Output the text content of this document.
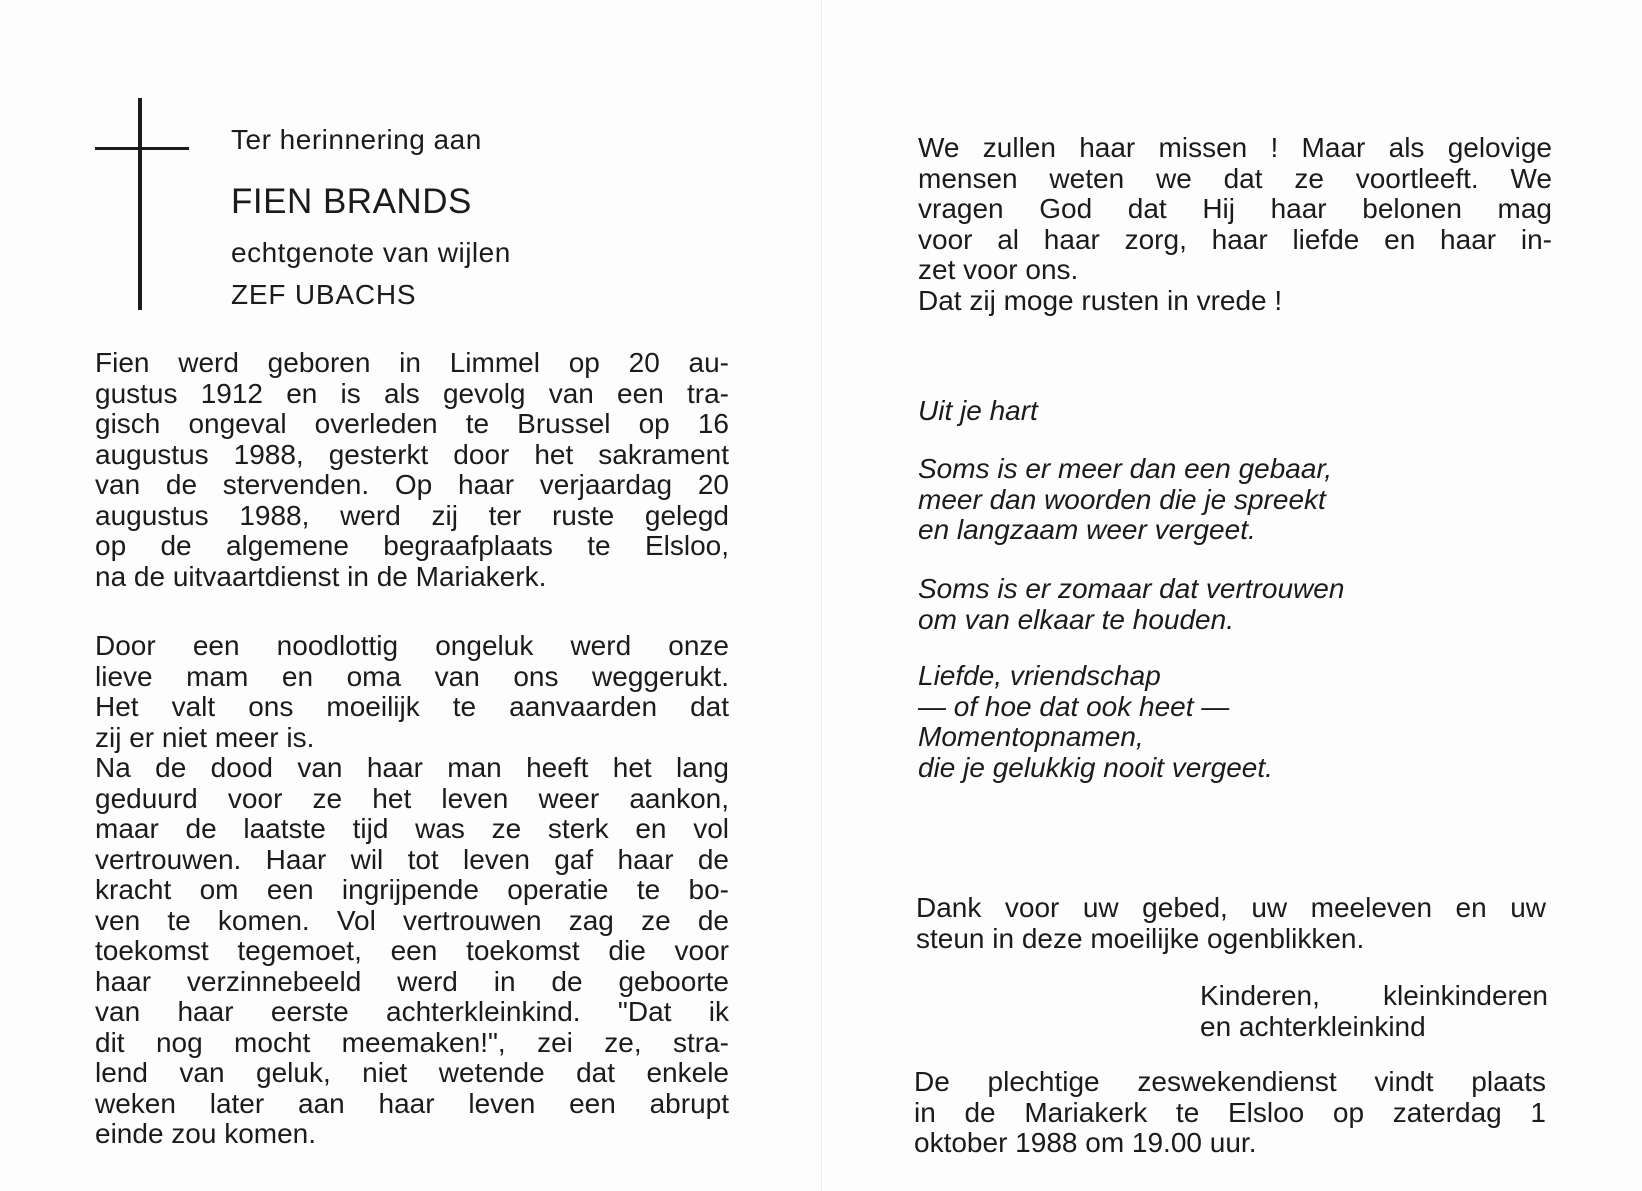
Ter herinnering aan
FIEN BRANDS
echtgenote van wijlen
ZEF UBACHS
Fien werd geboren in Limmel op 20 au-
gustus 1912 en is als gevolg van een tra-
gisch ongeval overleden te Brussel op 16
augustus 1988, gesterkt door het sakrament
van de stervenden. Op haar verjaardag 20
augustus 1988, werd zij ter ruste gelegd
op de algemene begraafplaats te Elsloo,
na de uitvaartdienst in de Mariakerk.
Door een noodlottig ongeluk werd onze
lieve mam en oma van ons weggerukt.
Het valt ons moeilijk te aanvaarden dat
zij er niet meer is.
Na de dood van haar man heeft het lang
geduurd voor ze het leven weer aankon,
maar de laatste tijd was ze sterk en vol
vertrouwen. Haar wil tot leven gaf haar de
kracht om een ingrijpende operatie te bo-
ven te komen. Vol vertrouwen zag ze de
toekomst tegemoet, een toekomst die voor
haar verzinnebeeld werd in de geboorte
van haar eerste achterkleinkind. "Dat ik
dit nog mocht meemaken!", zei ze, stra-
lend van geluk, niet wetende dat enkele
weken later aan haar leven een abrupt
einde zou komen.
We zullen haar missen ! Maar als gelovige
mensen weten we dat ze voortleeft. We
vragen God dat Hij haar belonen mag
voor al haar zorg, haar liefde en haar in-
zet voor ons.
Dat zij moge rusten in vrede !
Uit je hart
Soms is er meer dan een gebaar,
meer dan woorden die je spreekt
en langzaam weer vergeet.
Soms is er zomaar dat vertrouwen
om van elkaar te houden.
Liefde, vriendschap
— of hoe dat ook heet —
Momentopnamen,
die je gelukkig nooit vergeet.
Dank voor uw gebed, uw meeleven en uw
steun in deze moeilijke ogenblikken.
Kinderen, kleinkinderen
en achterkleinkind
De plechtige zeswekendienst vindt plaats
in de Mariakerk te Elsloo op zaterdag 1
oktober 1988 om 19.00 uur.
